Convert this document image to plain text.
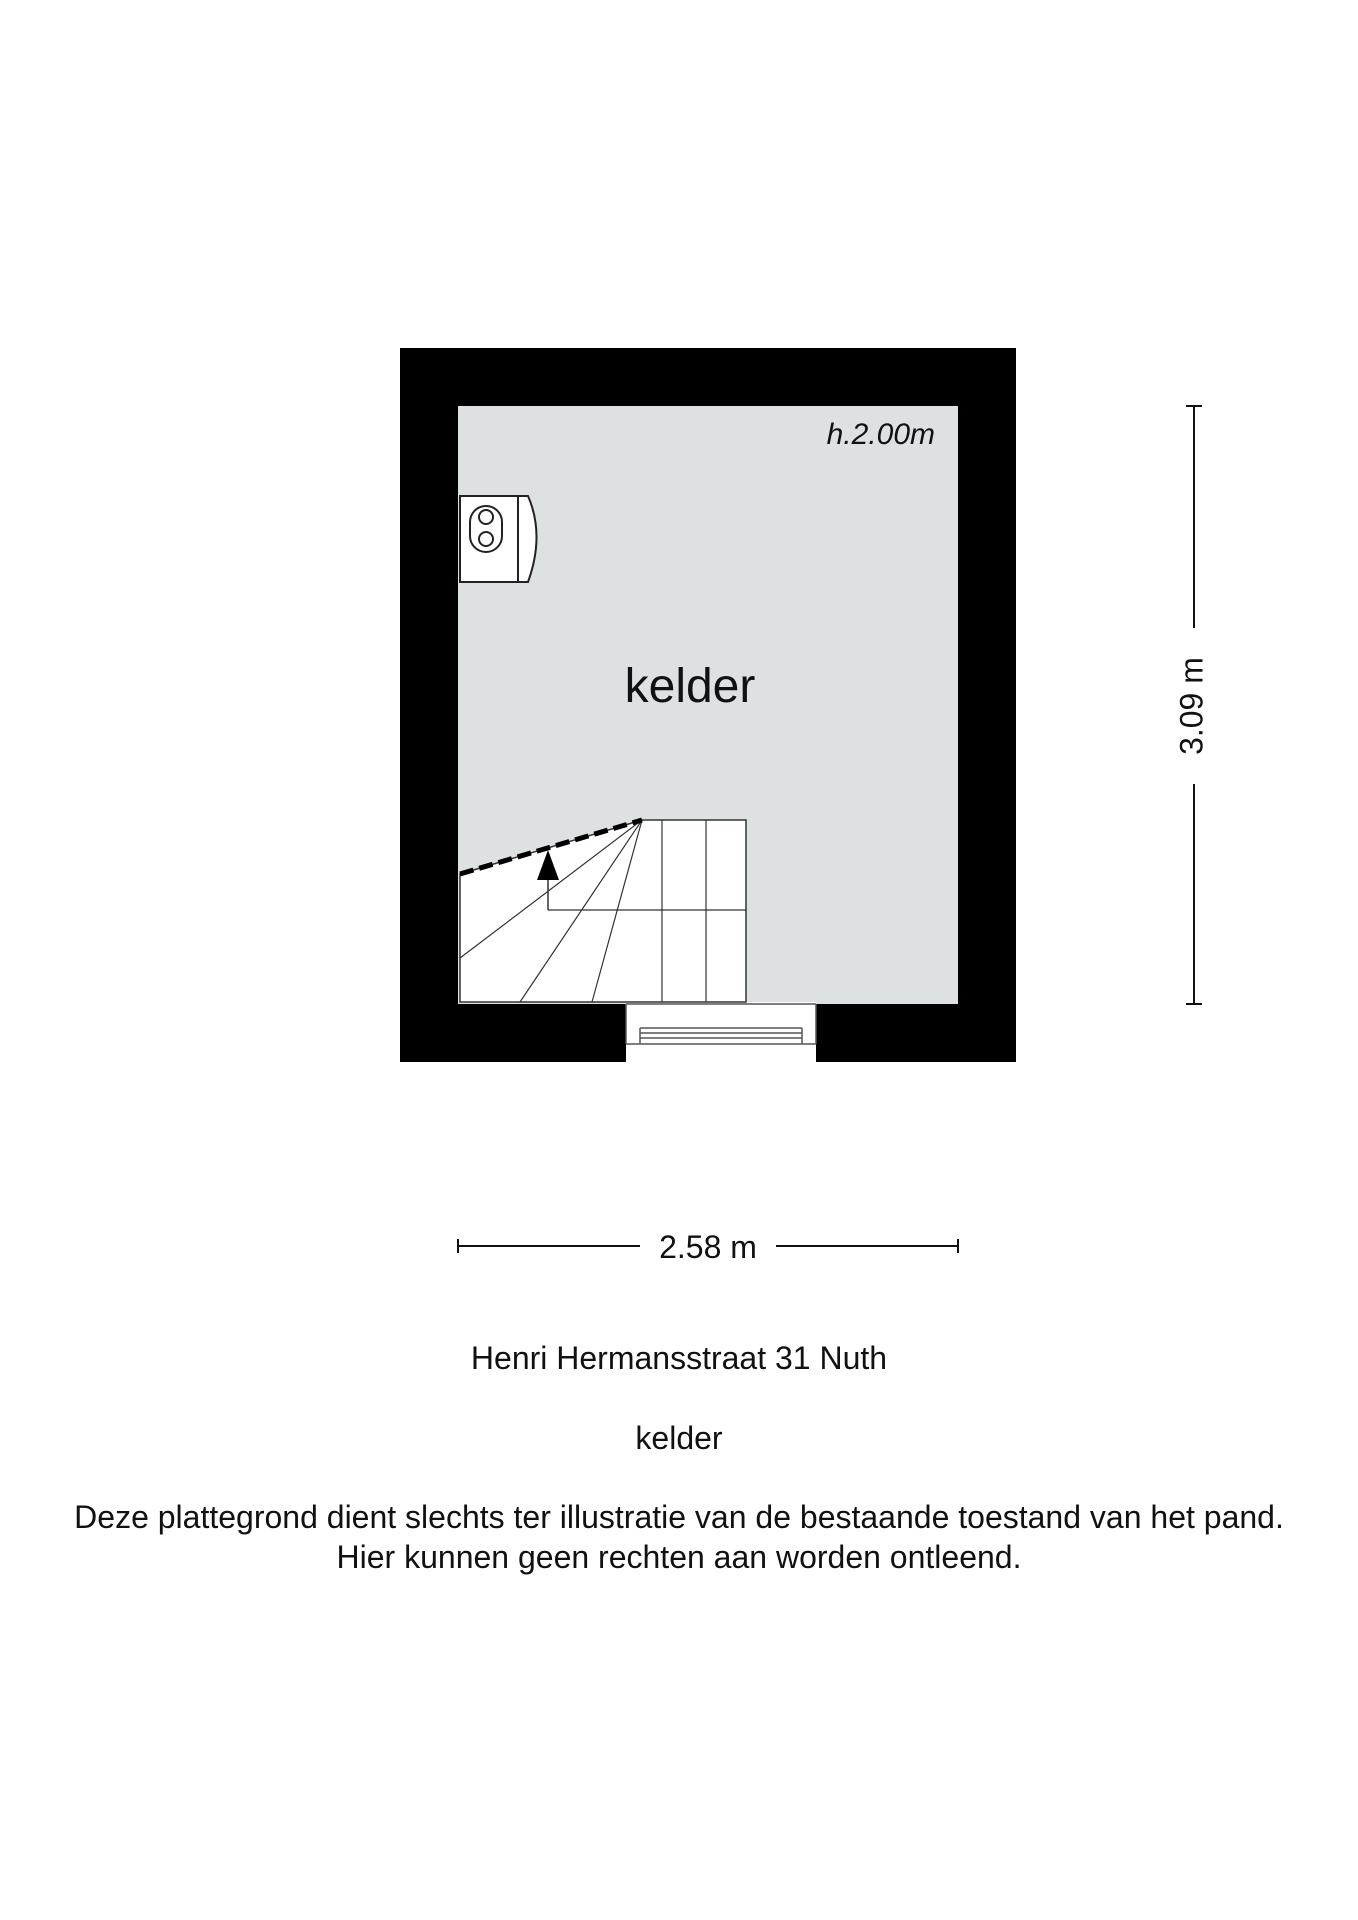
h.2.00m
kelder	3.09 m
2.58 m
Henri Hermansstraat 31 Nuth
kelder
Deze plattegrond dient slechts ter illustratie van de bestaande toestand van het pand.
Hier kunnen geen rechten aan worden ontleend.
